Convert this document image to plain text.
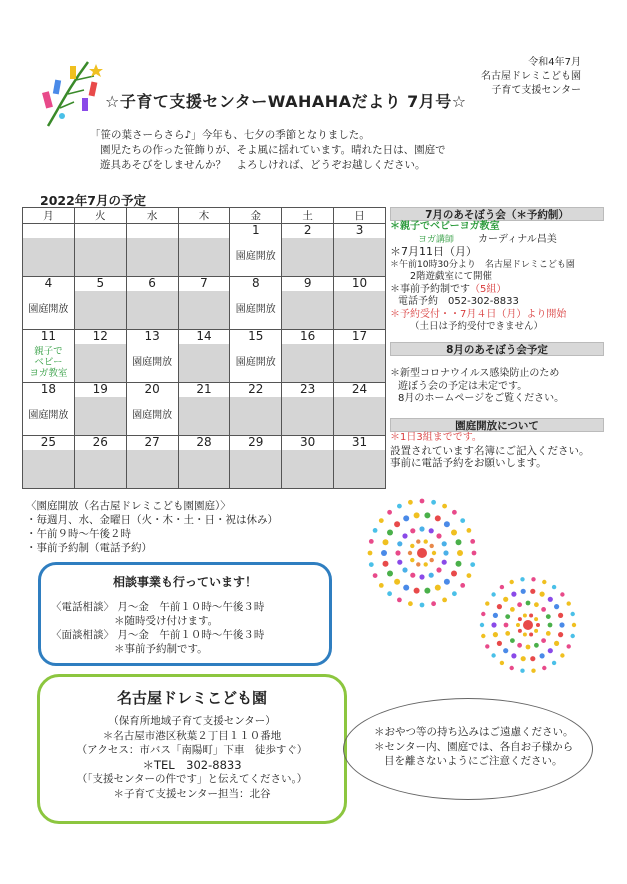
令和4年7月
名古屋ドレミこども園
子育て支援センター
☆子育て支援センターWAHAHAだより 7月号☆
「笹の葉さーらさら♪」今年も、七夕の季節となりました。
園児たちの作った笹飾りが、そよ風に揺れています。晴れた日は、園庭で
遊具あそびをしませんか？　よろしければ、どうぞお越しください。
2022年7月の予定
月	火	水	木	金	土	日
				1	2	3
				園庭開放		
4	5	6	7	8	9	10
園庭開放				園庭開放		
11	12	13	14	15	16	17

親子で ベビー ヨガ教室		園庭開放		園庭開放		
18	19	20	21	22	23	24
園庭開放		園庭開放				
25	26	27	28	29	30	31

7月のあそぼう会（＊予約制）

＊親子でベビーヨガ教室

ヨガ講師 カーディナル昌美

＊7月11日（月）

＊午前10時30分より　名古屋ドレミこども園

2階遊戯室にて開催

＊事前予約制です（5組）

電話予約　052-302-8833

＊予約受付・・7月４日（月）より開始

（土日は予約受付できません）

8月のあそぼう会予定

＊新型コロナウイルス感染防止のため

遊ぼう会の予定は未定です。

8月のホームページをご覧ください。

園庭開放について

＊1日3組までです。

設置されています名簿にご記入ください。

事前に電話予約をお願いします。

〈園庭開放（名古屋ドレミこども園園庭）〉
・毎週月、水、金曜日（火・木・土・日・祝は休み）
・午前９時～午後２時
・事前予約制（電話予約）
相談事業も行っています！
〈電話相談〉 月～金　午前１０時～午後３時
　　　　　　＊随時受け付けます。
〈面談相談〉 月～金　午前１０時～午後３時
　　　　　　＊事前予約制です。
名古屋ドレミこども園
（保育所地域子育て支援センター）
＊名古屋市港区秋葉２丁目１１０番地
（アクセス：市バス「南陽町」下車　徒歩すぐ）
＊TEL　302-8833
（「支援センターの件です」と伝えてください。）
＊子育て支援センター担当：北谷
＊おやつ等の持ち込みはご遠慮ください。
＊センター内、園庭では、各自お子様から
目を離さないようにご注意ください。
